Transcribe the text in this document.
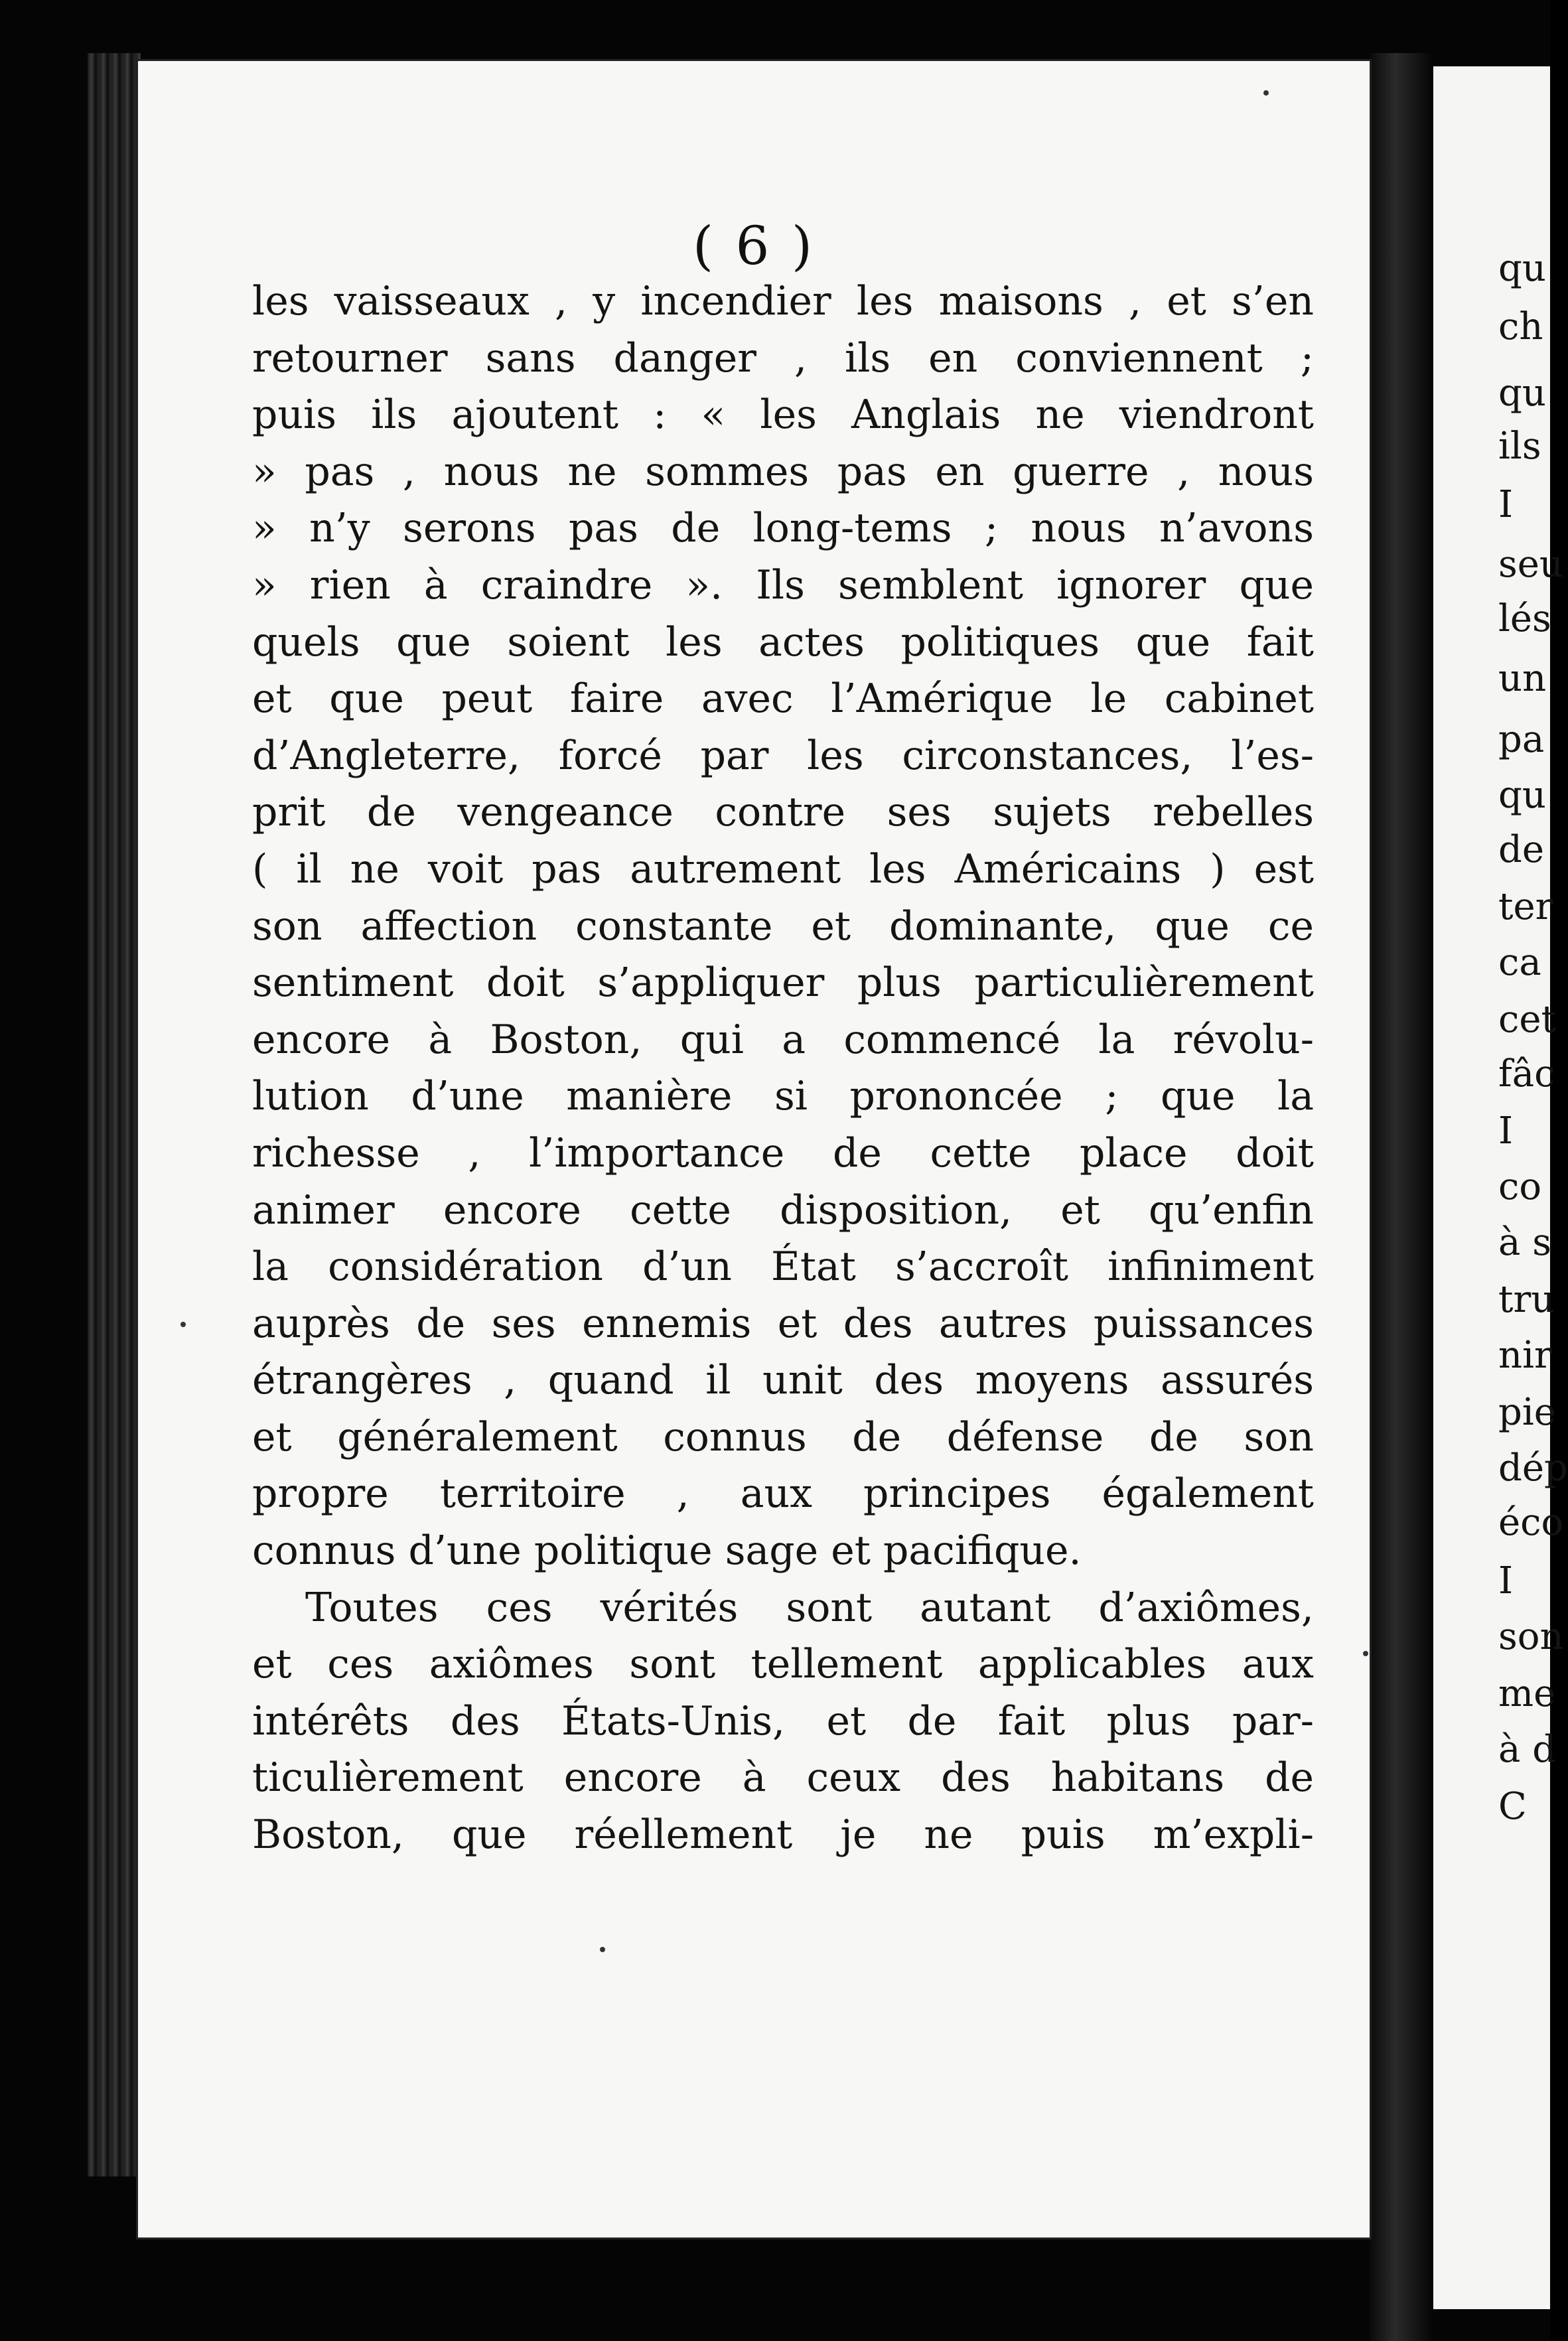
( 6 )
les vaisseaux , y incendier les maisons , et s’en
retourner sans danger , ils en conviennent ;
puis ils ajoutent : « les Anglais ne viendront
» pas , nous ne sommes pas en guerre , nous
» n’y serons pas de long-tems ; nous n’avons
» rien à craindre ». Ils semblent ignorer que
quels que soient les actes politiques que fait
et que peut faire avec l’Amérique le cabinet
d’Angleterre, forcé par les circonstances, l’es-
prit de vengeance contre ses sujets rebelles
( il ne voit pas autrement les Américains ) est
son affection constante et dominante, que ce
sentiment doit s’appliquer plus particulièrement
encore à Boston, qui a commencé la révolu-
lution d’une manière si prononcée ; que la
richesse , l’importance de cette place doit
animer encore cette disposition, et qu’enfin
la considération d’un État s’accroît infiniment
auprès de ses ennemis et des autres puissances
étrangères , quand il unit des moyens assurés
et généralement connus de défense de son
propre territoire , aux principes également
connus d’une politique sage et pacifique.
Toutes ces vérités sont autant d’axiômes,
et ces axiômes sont tellement applicables aux
intérêts des États-Unis, et de fait plus par-
ticulièrement encore à ceux des habitans de
Boston, que réellement je ne puis m’expli-
qu
ch
qu
ils
I
seu
lés
un
pa
qu
de
ter
ca
cet
fâc
I
co
à s
tru
nir
pie
dép
éco
I
son
me
à d
C
